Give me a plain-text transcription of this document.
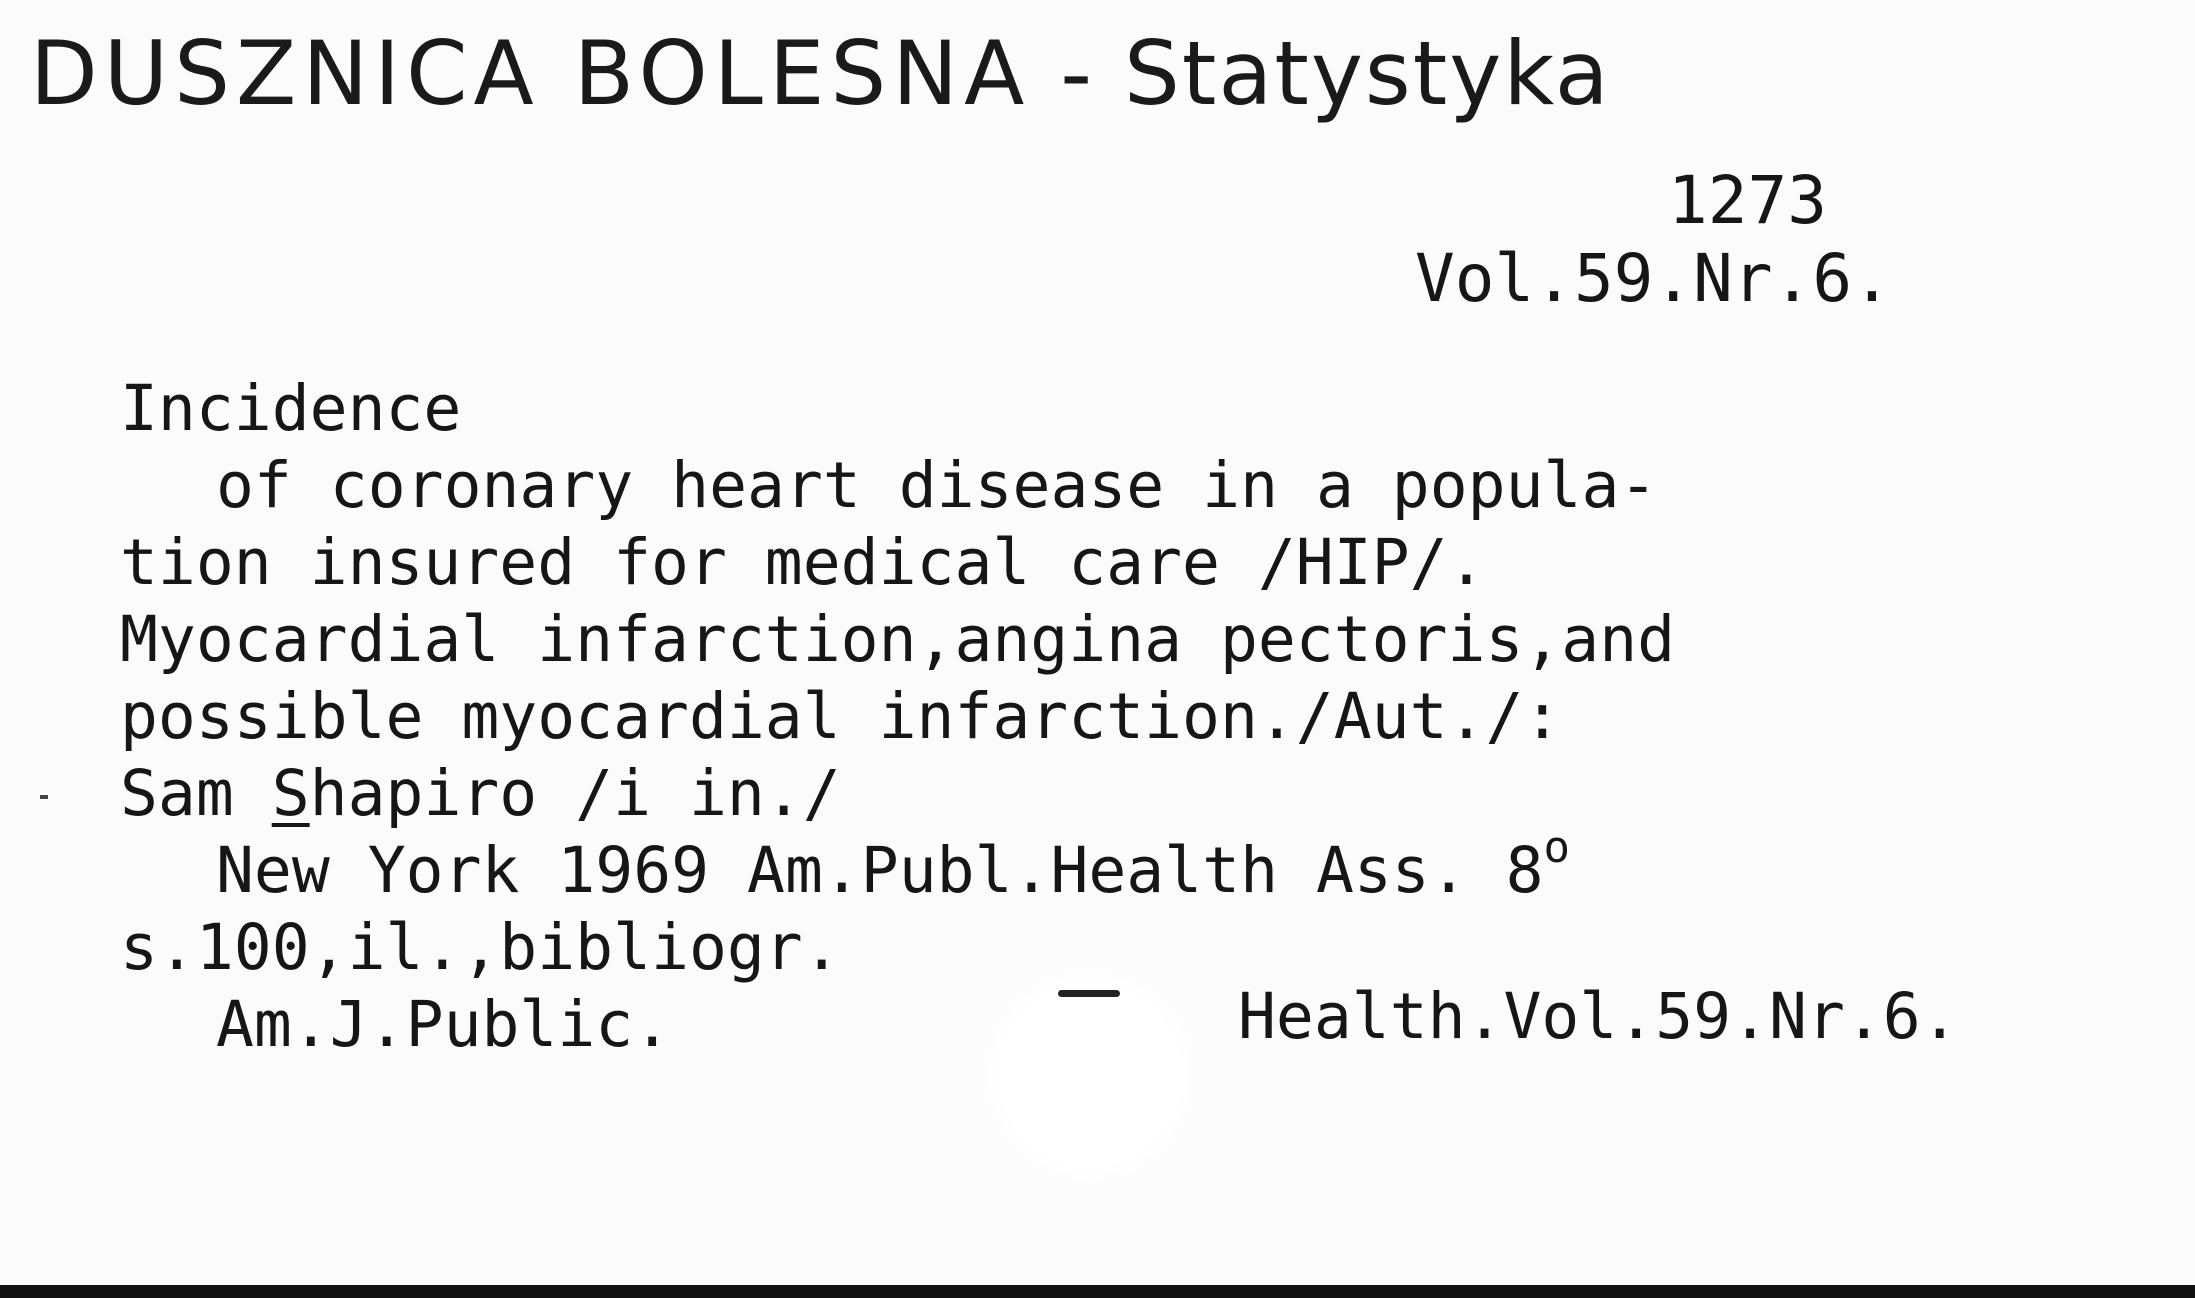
DUSZNICA BOLESNA - Statystyka
1273
Vol.59.Nr.6.
Incidence
of coronary heart disease in a popula-
tion insured for medical care /HIP/.
Myocardial infarction,angina pectoris,and
possible myocardial infarction./Aut./:
Sam Shapiro /i in./
New York 1969 Am.Publ.Health Ass. 8$^o$
s.100,il.,bibliogr.
Am.J.Public.	Health.Vol.59.Nr.6.
